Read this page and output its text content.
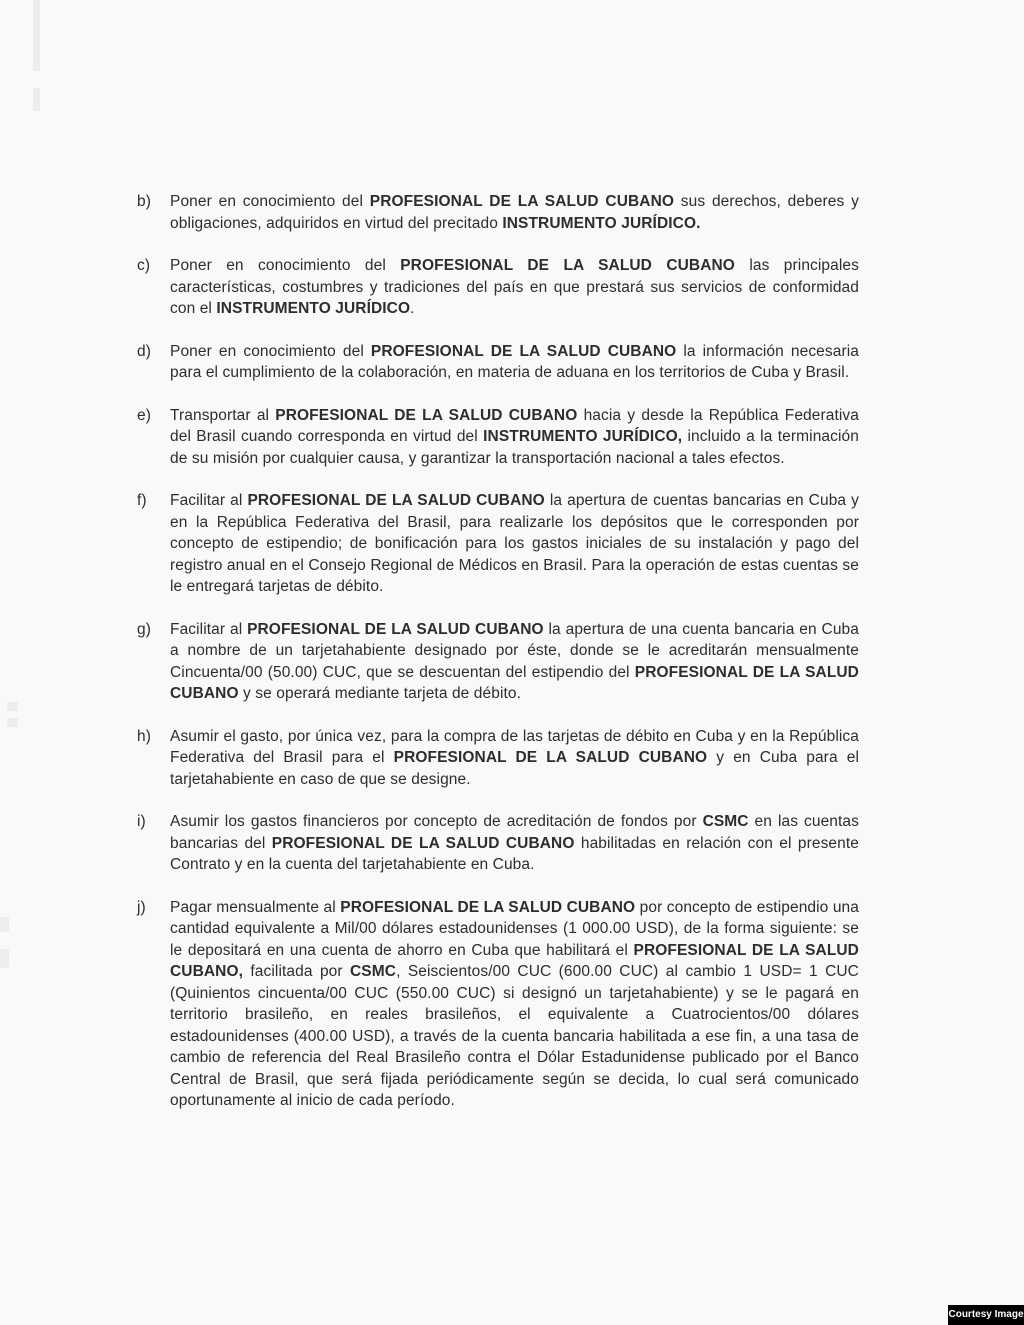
b) Poner en conocimiento del PROFESIONAL DE LA SALUD CUBANO sus derechos, deberes y obligaciones, adquiridos en virtud del precitado INSTRUMENTO JURÍDICO.

c) Poner en conocimiento del PROFESIONAL DE LA SALUD CUBANO las principales características, costumbres y tradiciones del país en que prestará sus servicios de conformidad con el INSTRUMENTO JURÍDICO.

d) Poner en conocimiento del PROFESIONAL DE LA SALUD CUBANO la información necesaria para el cumplimiento de la colaboración, en materia de aduana en los territorios de Cuba y Brasil.

e) Transportar al PROFESIONAL DE LA SALUD CUBANO hacia y desde la República Federativa del Brasil cuando corresponda en virtud del INSTRUMENTO JURÍDICO, incluido a la terminación de su misión por cualquier causa, y garantizar la transportación nacional a tales efectos.

f) Facilitar al PROFESIONAL DE LA SALUD CUBANO la apertura de cuentas bancarias en Cuba y en la República Federativa del Brasil, para realizarle los depósitos que le corresponden por concepto de estipendio; de bonificación para los gastos iniciales de su instalación y pago del registro anual en el Consejo Regional de Médicos en Brasil. Para la operación de estas cuentas se le entregará tarjetas de débito.

g) Facilitar al PROFESIONAL DE LA SALUD CUBANO la apertura de una cuenta bancaria en Cuba a nombre de un tarjetahabiente designado por éste, donde se le acreditarán mensualmente Cincuenta/00 (50.00) CUC, que se descuentan del estipendio del PROFESIONAL DE LA SALUD CUBANO y se operará mediante tarjeta de débito.

h) Asumir el gasto, por única vez, para la compra de las tarjetas de débito en Cuba y en la República Federativa del Brasil para el PROFESIONAL DE LA SALUD CUBANO y en Cuba para el tarjetahabiente en caso de que se designe.

i) Asumir los gastos financieros por concepto de acreditación de fondos por CSMC en las cuentas bancarias del PROFESIONAL DE LA SALUD CUBANO habilitadas en relación con el presente Contrato y en la cuenta del tarjetahabiente en Cuba.

j) Pagar mensualmente al PROFESIONAL DE LA SALUD CUBANO por concepto de estipendio una cantidad equivalente a Mil/00 dólares estadounidenses (1 000.00 USD), de la forma siguiente: se le depositará en una cuenta de ahorro en Cuba que habilitará el PROFESIONAL DE LA SALUD CUBANO, facilitada por CSMC, Seiscientos/00 CUC (600.00 CUC) al cambio 1 USD= 1 CUC (Quinientos cincuenta/00 CUC (550.00 CUC) si designó un tarjetahabiente) y se le pagará en territorio brasileño, en reales brasileños, el equivalente a Cuatrocientos/00 dólares estadounidenses (400.00 USD), a través de la cuenta bancaria habilitada a ese fin, a una tasa de cambio de referencia del Real Brasileño contra el Dólar Estadunidense publicado por el Banco Central de Brasil, que será fijada periódicamente según se decida, lo cual será comunicado oportunamente al inicio de cada período.

Courtesy Image
